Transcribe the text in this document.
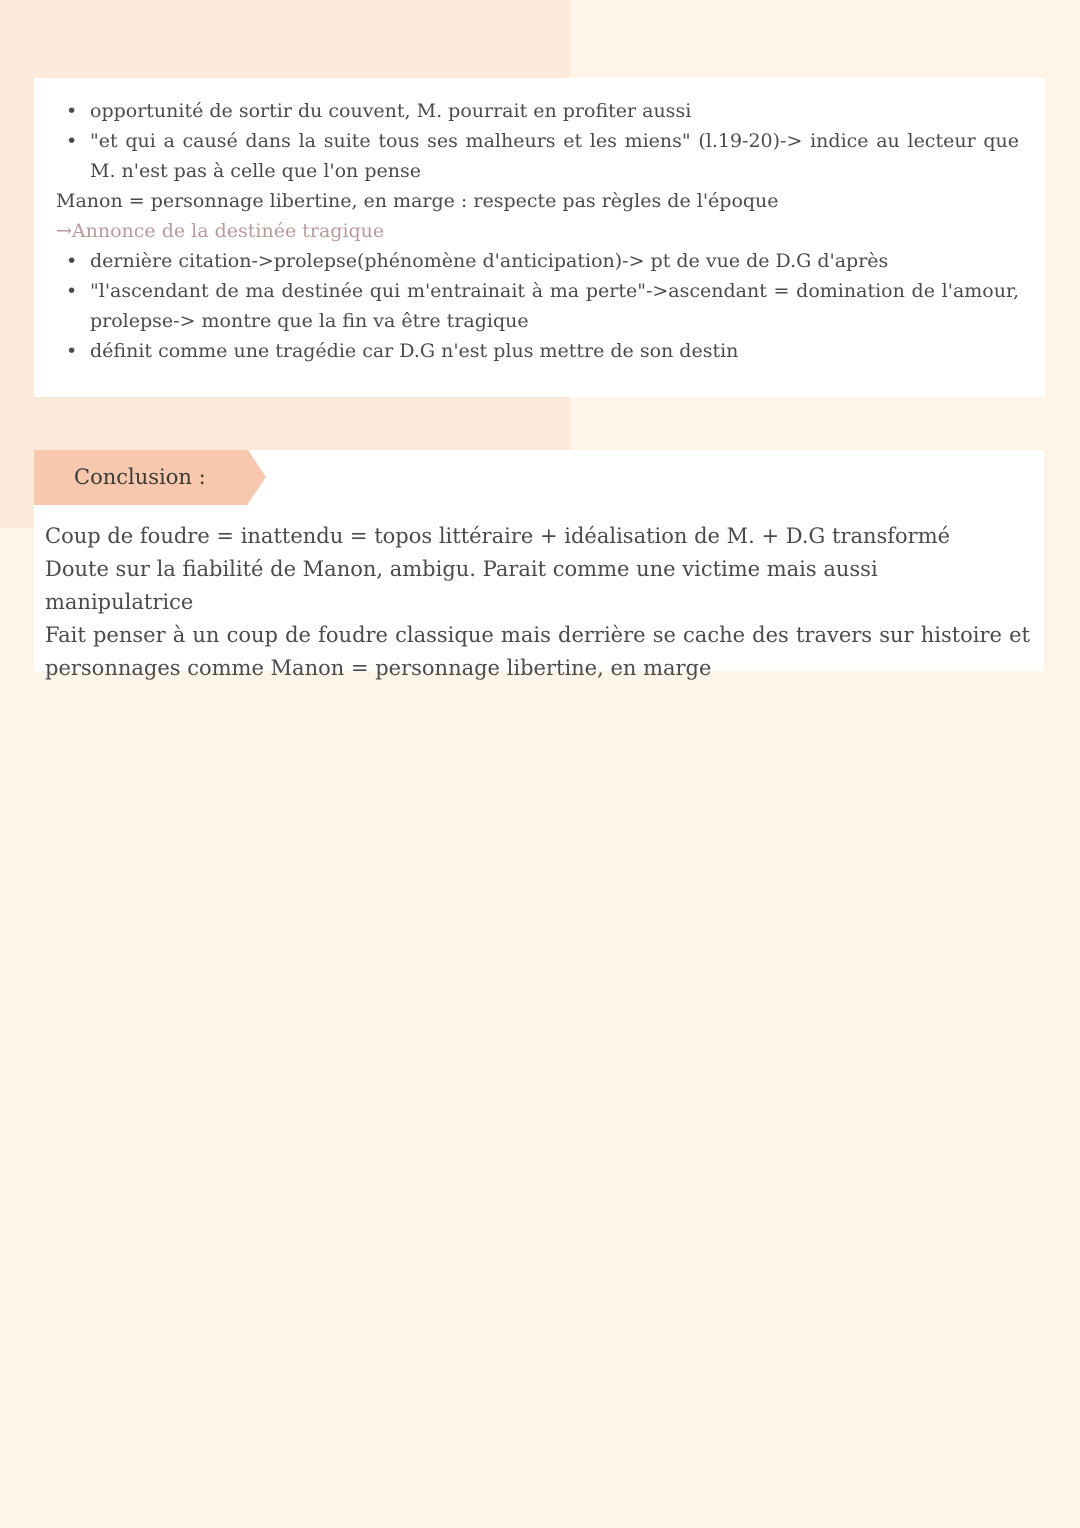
• opportunité de sortir du couvent, M. pourrait en profiter aussi
• "et qui a causé dans la suite tous ses malheurs et les miens" (l.19-20)-> indice au lecteur que M. n'est pas à celle que l'on pense
Manon = personnage libertine, en marge : respecte pas règles de l'époque
→Annonce de la destinée tragique
• dernière citation->prolepse(phénomène d'anticipation)-> pt de vue de D.G d'après
• "l'ascendant de ma destinée qui m'entrainait à ma perte"->ascendant = domination de l'amour, prolepse-> montre que la fin va être tragique
• définit comme une tragédie car D.G n'est plus mettre de son destin
Conclusion :
Coup de foudre = inattendu = topos littéraire + idéalisation de M. + D.G transformé
Doute sur la fiabilité de Manon, ambigu. Parait comme une victime mais aussi manipulatrice
Fait penser à un coup de foudre classique mais derrière se cache des travers sur histoire et personnages comme Manon = personnage libertine, en marge
